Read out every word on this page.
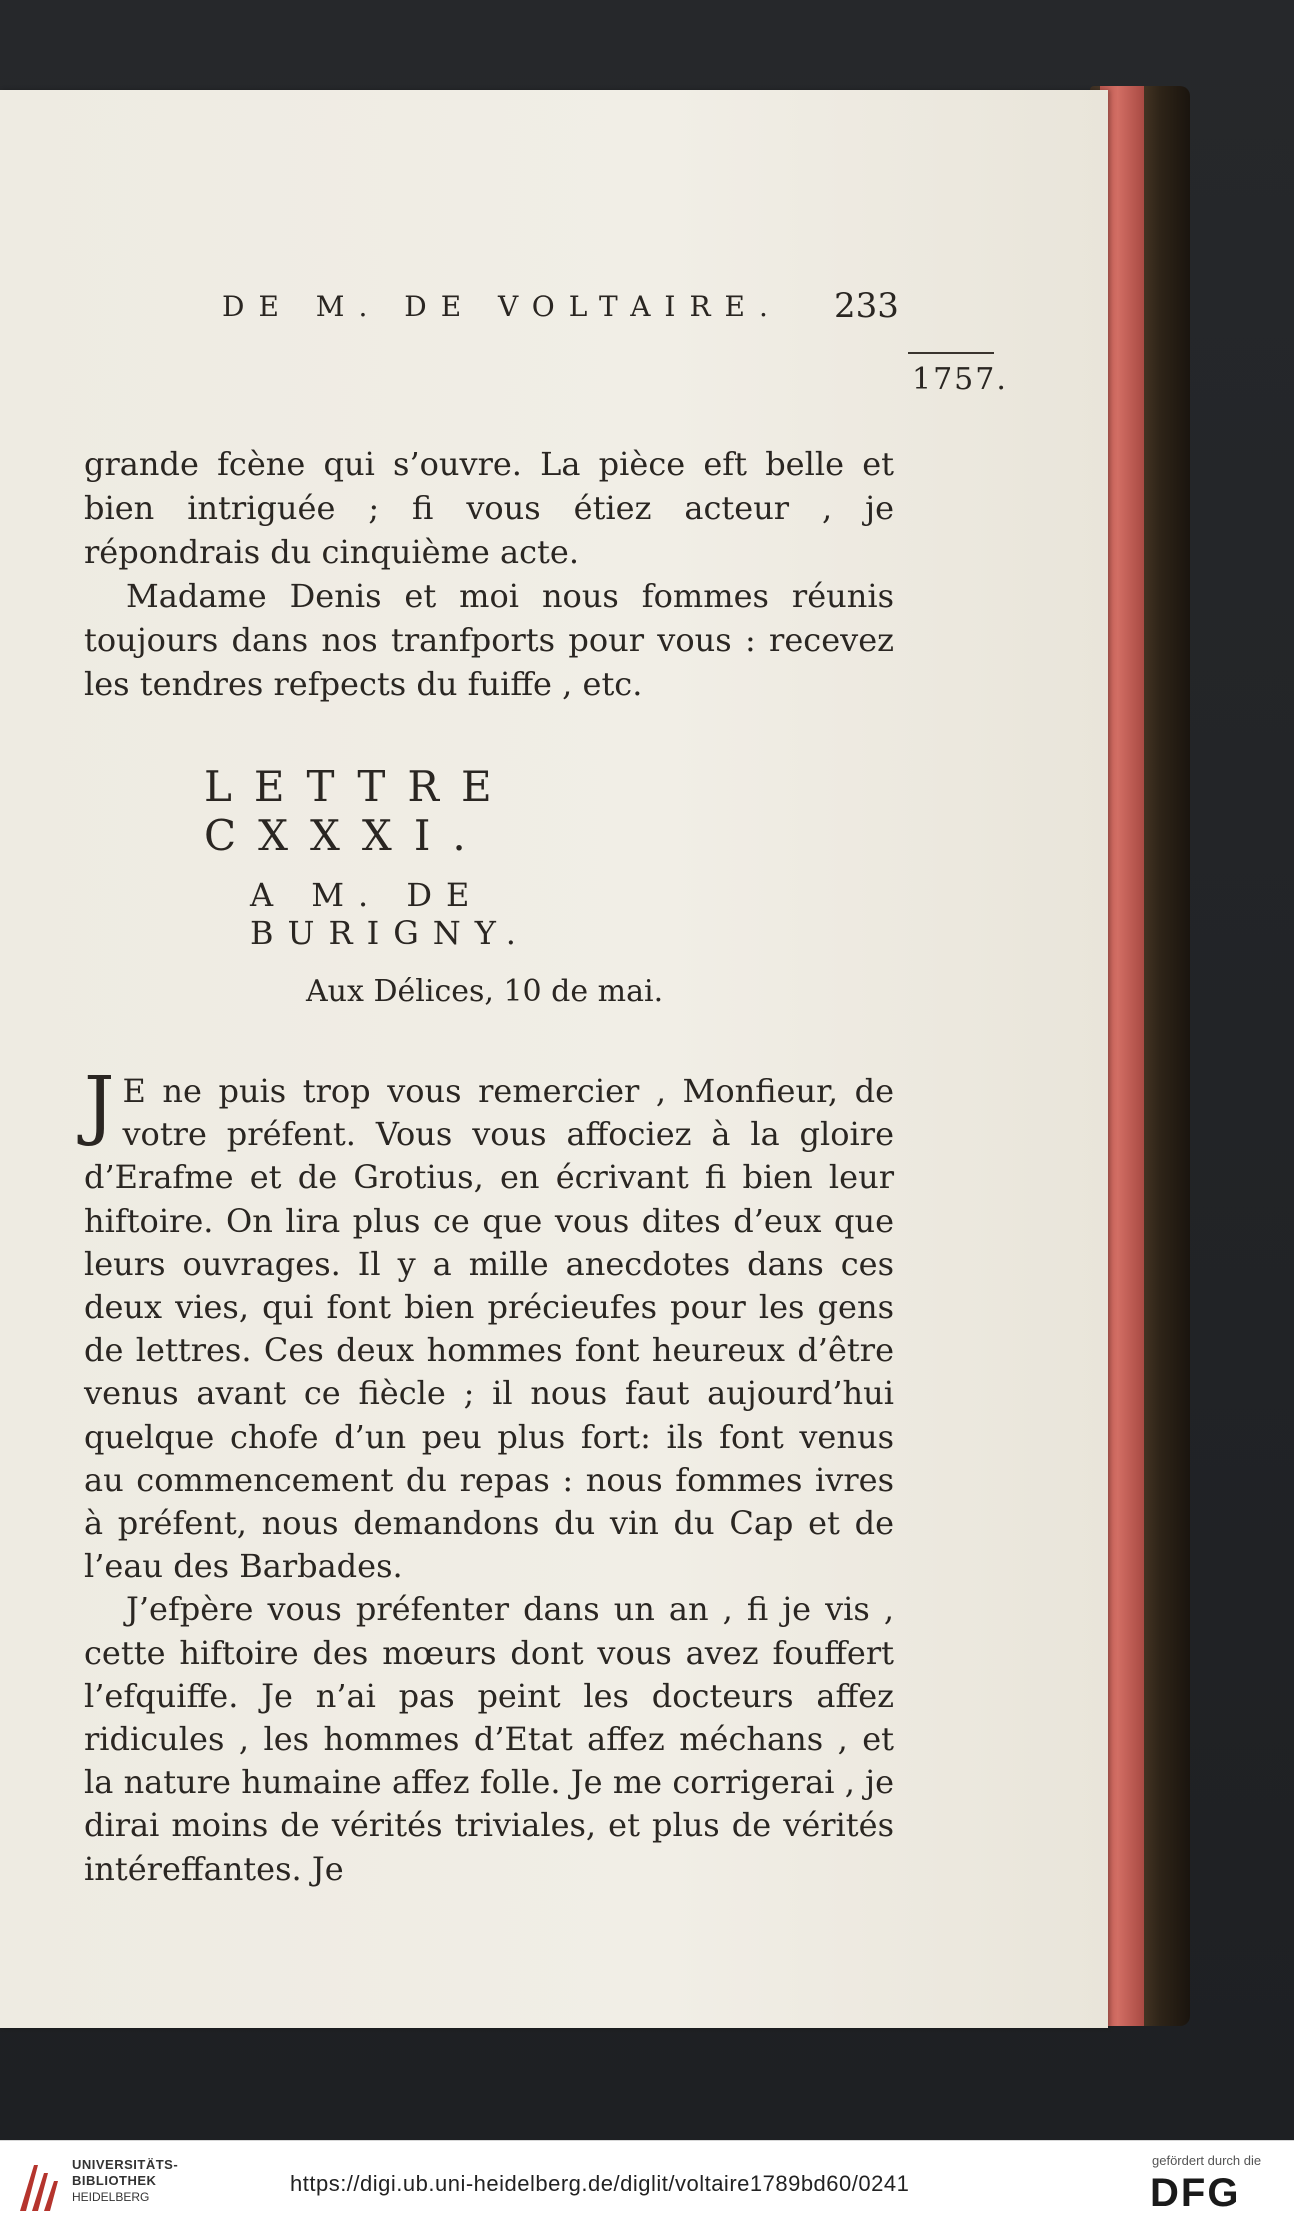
DE M. DE VOLTAIRE.	233
1757.

grande fcène qui s’ouvre. La pièce eft belle et bien intriguée ; fi vous étiez acteur , je répondrais du cinquième acte.

Madame Denis et moi nous fommes réunis toujours dans nos tranfports pour vous : recevez les tendres refpects du fuiffe , etc.

LETTRE CXXXI.
A M. DE BURIGNY.
Aux Délices, 10 de mai.

J E ne puis trop vous remercier , Monfieur, de votre préfent. Vous vous affociez à la gloire d’Erafme et de Grotius, en écrivant fi bien leur hiftoire. On lira plus ce que vous dites d’eux que leurs ouvrages. Il y a mille anecdotes dans ces deux vies, qui font bien précieufes pour les gens de lettres. Ces deux hommes font heureux d’être venus avant ce fiècle ; il nous faut aujourd’hui quelque chofe d’un peu plus fort: ils font venus au commencement du repas : nous fommes ivres à préfent, nous demandons du vin du Cap et de l’eau des Barbades.

J’efpère vous préfenter dans un an , fi je vis , cette hiftoire des mœurs dont vous avez fouffert l’efquiffe. Je n’ai pas peint les docteurs affez ridicules , les hommes d’Etat affez méchans , et la nature humaine affez folle. Je me corrigerai , je dirai moins de vérités triviales, et plus de vérités intéreffantes. Je

UNIVERSITÄTS-
BIBLIOTHEK
HEIDELBERG
https://digi.ub.uni-heidelberg.de/diglit/voltaire1789bd60/0241
gefördert durch die
DFG
